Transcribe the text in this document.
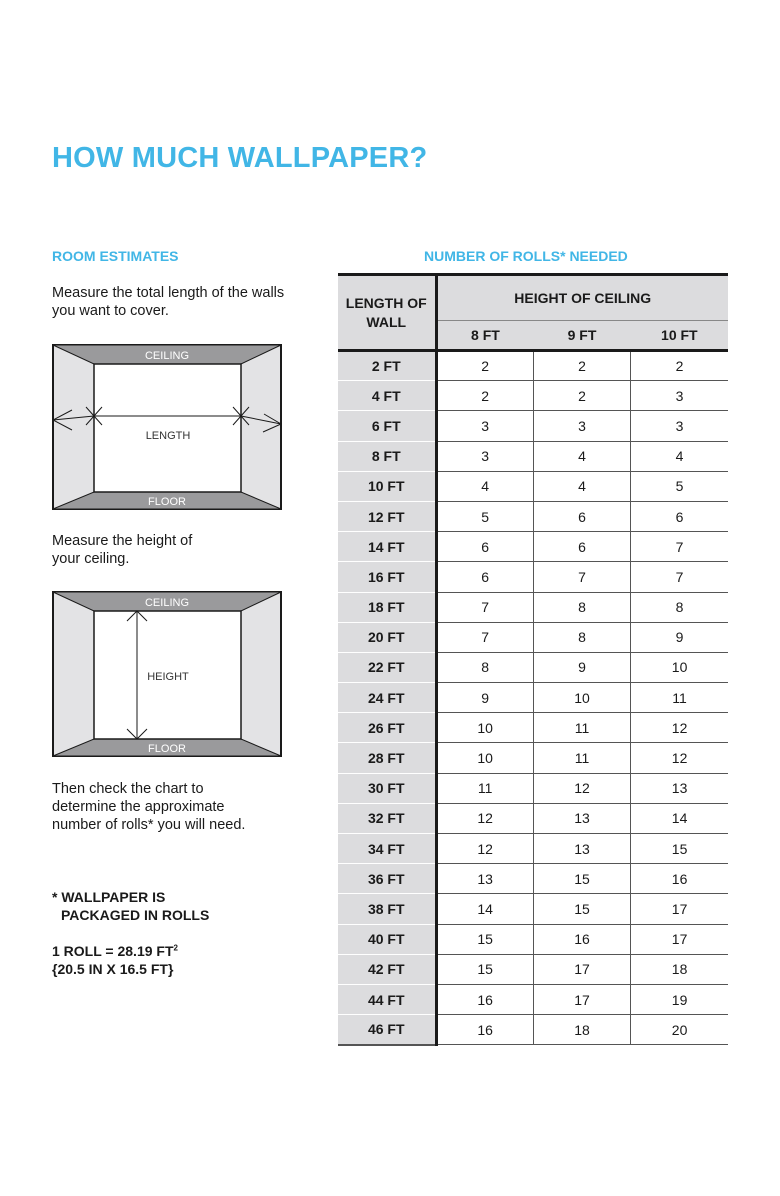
HOW MUCH WALLPAPER?
ROOM ESTIMATES
Measure the total length of the walls you want to cover.
CEILING
FLOOR
LENGTH
Measure the height of your ceiling.
CEILING
FLOOR
HEIGHT
Then check the chart to determine the approximate number of rolls* you will need.
* WALLPAPER IS
PACKAGED IN ROLLS
1 ROLL = 28.19 $FT^2$
{20.5 IN X 16.5 FT}
NUMBER OF ROLLS* NEEDED
LENGTH OF WALL	HEIGHT OF CEILING		
	8 FT	9 FT	10 FT
2 FT	2	2	2
4 FT	2	2	3
6 FT	3	3	3
8 FT	3	4	4
10 FT	4	4	5
12 FT	5	6	6
14 FT	6	6	7
16 FT	6	7	7
18 FT	7	8	8
20 FT	7	8	9
22 FT	8	9	10
24 FT	9	10	11
26 FT	10	11	12
28 FT	10	11	12
30 FT	11	12	13
32 FT	12	13	14
34 FT	12	13	15
36 FT	13	15	16
38 FT	14	15	17
40 FT	15	16	17
42 FT	15	17	18
44 FT	16	17	19
46 FT	16	18	20
